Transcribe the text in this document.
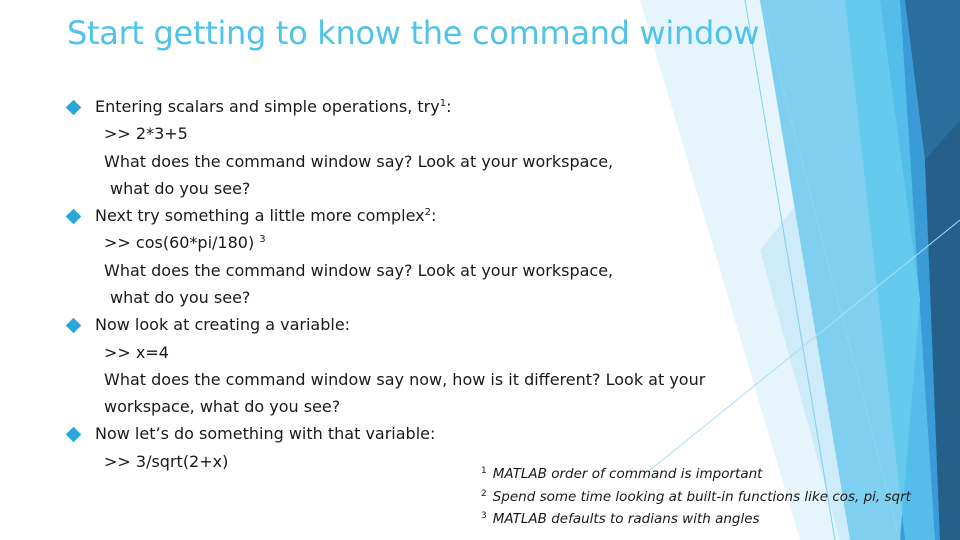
Start getting to know the command window
Entering scalars and simple operations, try$^1$:
>> 2*3+5
What does the command window say? Look at your workspace,
what do you see?
Next try something a little more complex$^2$:
>> cos(60*pi/180) $^3$
What does the command window say? Look at your workspace,
what do you see?
Now look at creating a variable:
>> x=4
What does the command window say now, how is it different? Look at your
workspace, what do you see?
Now let’s do something with that variable:
>> 3/sqrt(2+x)	$^1$ MATLAB order of command is important
$^2$ Spend some time looking at built-in functions like cos, pi, sqrt
$^3$ MATLAB defaults to radians with angles
